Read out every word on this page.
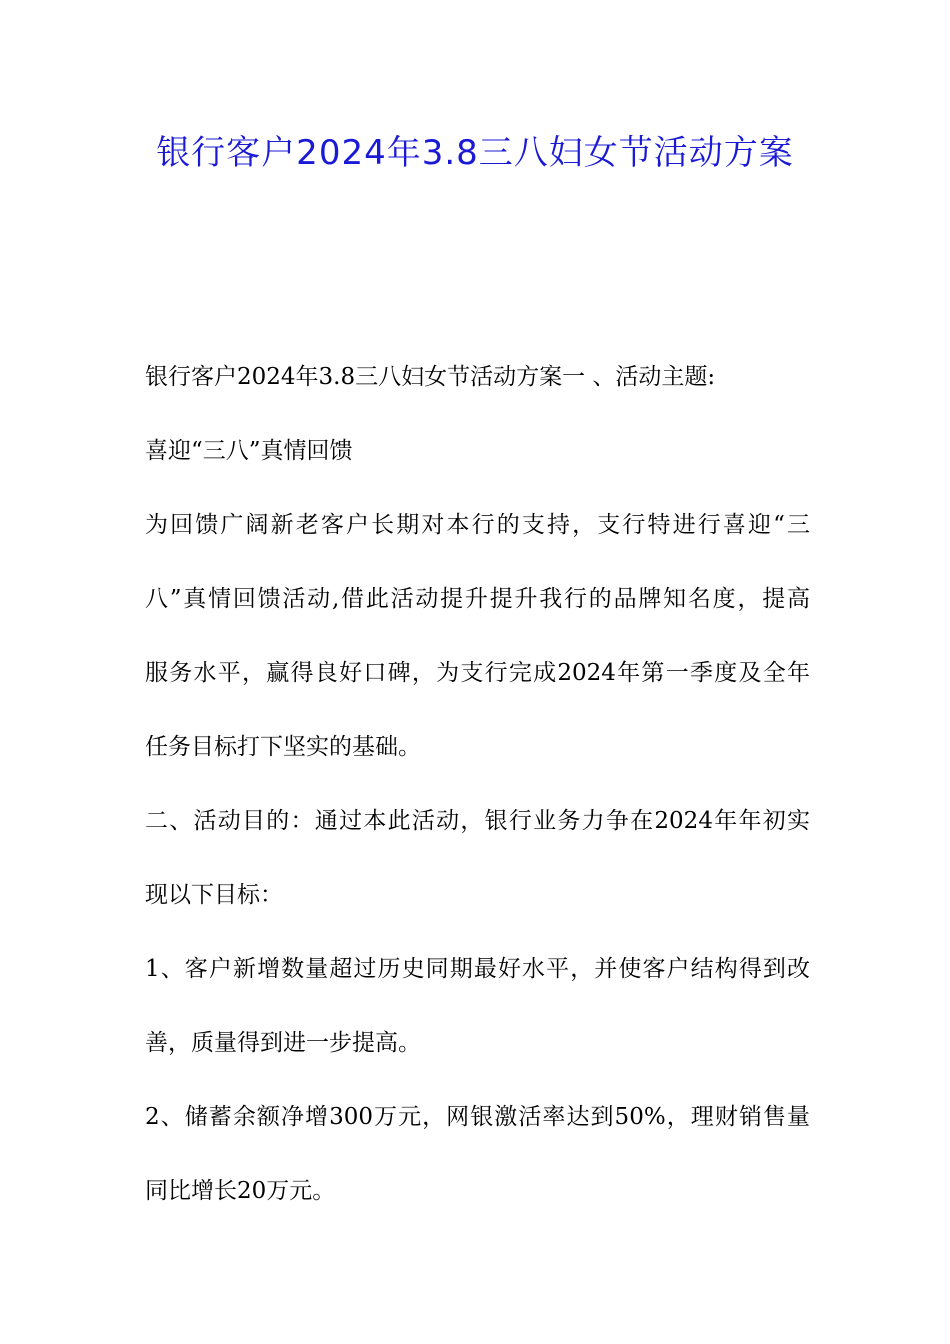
银行客户2024年3.8三八妇女节活动方案
银行客户2024年3.8三八妇女节活动方案一 、活动主题:
喜迎“三八”真情回馈
为回馈广阔新老客户长期对本行的支持，支行特进行喜迎“三
八”真情回馈活动,借此活动提升提升我行的品牌知名度，提高
服务水平，赢得良好口碑，为支行完成2024年第一季度及全年
任务目标打下坚实的基础。
二、活动目的：通过本此活动，银行业务力争在2024年年初实
现以下目标：
1、客户新增数量超过历史同期最好水平，并使客户结构得到改
善，质量得到进一步提高。
2、储蓄余额净增300万元，网银激活率达到50%，理财销售量
同比增长20万元。
